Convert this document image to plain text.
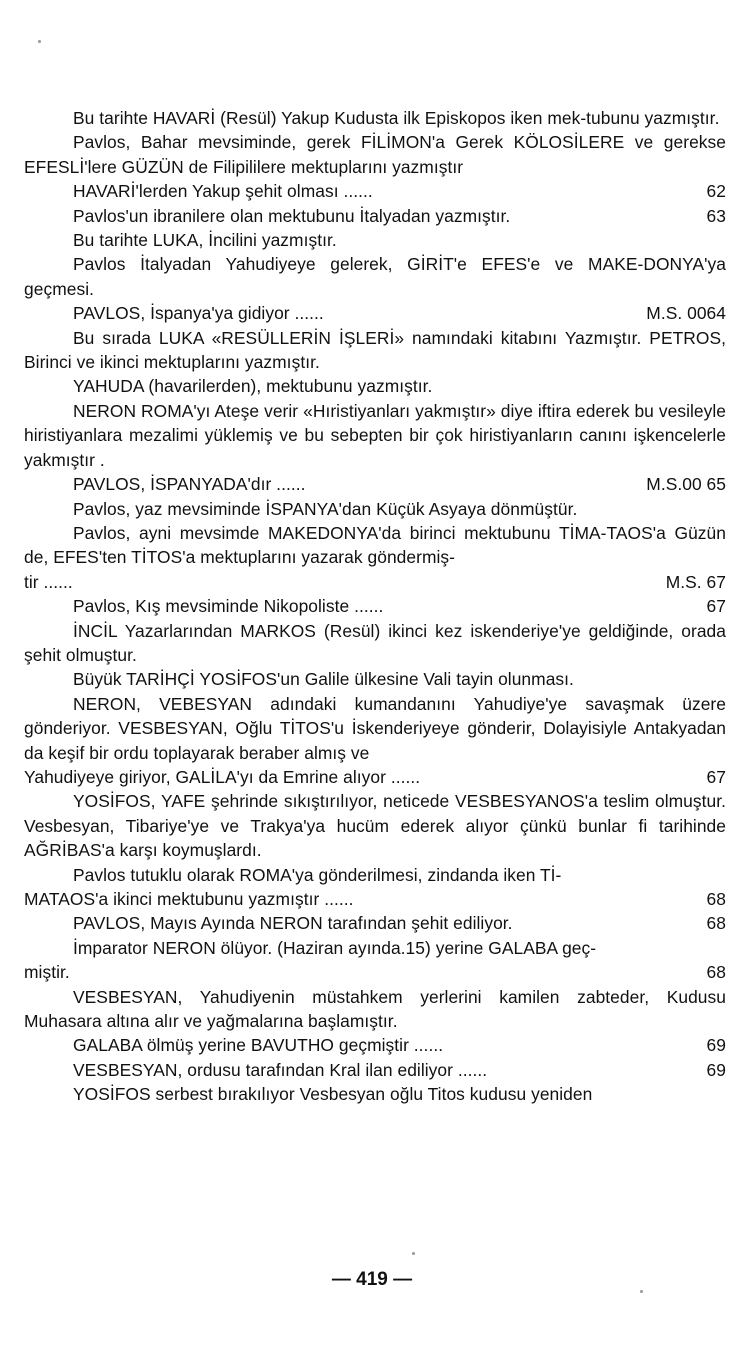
Bu tarihte HAVARİ (Resül) Yakup Kudusta ilk Episkopos iken mek-tubunu yazmıştır.

Pavlos, Bahar mevsiminde, gerek FİLİMON'a Gerek KÖLOSİLERE ve gerekse EFESLİ'lere GÜZÜN de Filipililere mektuplarını yazmıştır

HAVARİ'lerden Yakup şehit olması ......	62
Pavlos'un ibranilere olan mektubunu İtalyadan yazmıştır.	63

Bu tarihte LUKA, İncilini yazmıştır.

Pavlos İtalyadan Yahudiyeye gelerek, GİRİT'e EFES'e ve MAKE-DONYA'ya geçmesi.

PAVLOS, İspanya'ya gidiyor ......	M.S. 0064

Bu sırada LUKA «RESÜLLERİN İŞLERİ» namındaki kitabını Yazmıştır. PETROS, Birinci ve ikinci mektuplarını yazmıştır.

YAHUDA (havarilerden), mektubunu yazmıştır.

NERON ROMA'yı Ateşe verir «Hıristiyanları yakmıştır» diye iftira ederek bu vesileyle hiristiyanlara mezalimi yüklemiş ve bu sebepten bir çok hiristiyanların canını işkencelerle yakmıştır .

PAVLOS, İSPANYADA'dır ......	M.S.00 65

Pavlos, yaz mevsiminde İSPANYA'dan Küçük Asyaya dönmüştür.

Pavlos, ayni mevsimde MAKEDONYA'da birinci mektubunu TİMA-TAOS'a Güzün de, EFES'ten TİTOS'a mektuplarını yazarak göndermiş-

tir ......	M.S. 67
Pavlos, Kış mevsiminde Nikopoliste ......	67

İNCİL Yazarlarından MARKOS (Resül) ikinci kez iskenderiye'ye geldiğinde, orada şehit olmuştur.

Büyük TARİHÇİ YOSİFOS'un Galile ülkesine Vali tayin olunması.

NERON, VEBESYAN adındaki kumandanını Yahudiye'ye savaşmak üzere gönderiyor. VESBESYAN, Oğlu TİTOS'u İskenderiyeye gönderir, Dolayisiyle Antakyadan da keşif bir ordu toplayarak beraber almış ve

Yahudiyeye giriyor, GALİLA'yı da Emrine alıyor ......	67

YOSİFOS, YAFE şehrinde sıkıştırılıyor, neticede VESBESYANOS'a teslim olmuştur. Vesbesyan, Tibariye'ye ve Trakya'ya hucüm ederek alıyor çünkü bunlar fi tarihinde AĞRİBAS'a karşı koymuşlardı.

Pavlos tutuklu olarak ROMA'ya gönderilmesi, zindanda iken Tİ-

MATAOS'a ikinci mektubunu yazmıştır ......	68
PAVLOS, Mayıs Ayında NERON tarafından şehit ediliyor.	68

İmparator NERON ölüyor. (Haziran ayında.15) yerine GALABA geç-

miştir.	68

VESBESYAN, Yahudiyenin müstahkem yerlerini kamilen zabteder, Kudusu Muhasara altına alır ve yağmalarına başlamıştır.

GALABA ölmüş yerine BAVUTHO geçmiştir ......	69
VESBESYAN, ordusu tarafından Kral ilan ediliyor ......	69

YOSİFOS serbest bırakılıyor Vesbesyan oğlu Titos kudusu yeniden

— 419 —
